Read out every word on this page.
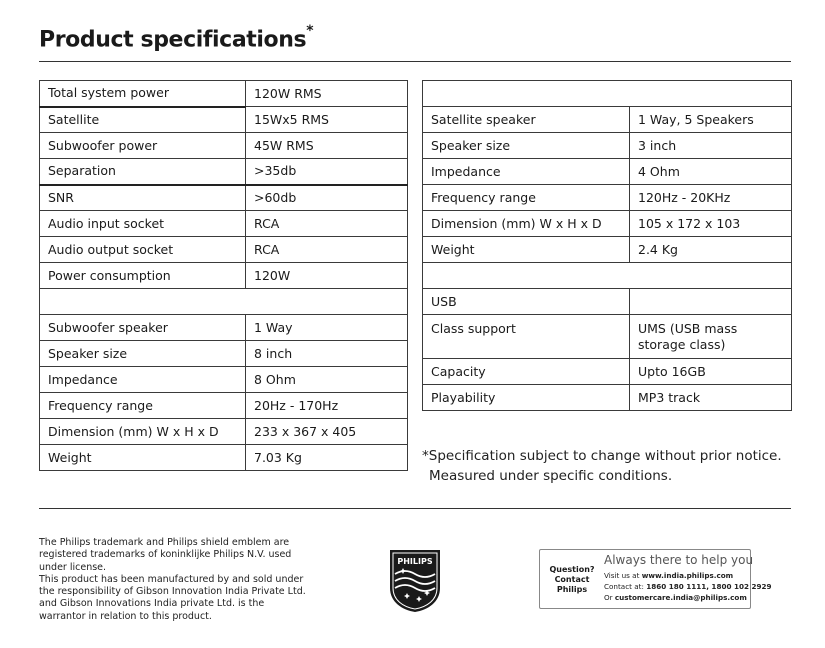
Product specifications*
Total system power	120W RMS
Satellite	15Wx5 RMS
Subwoofer power	45W RMS
Separation	>35db
SNR	>60db
Audio input socket	RCA
Audio output socket	RCA
Power consumption	120W

Subwoofer speaker	1 Way
Speaker size	8 inch
Impedance	8 Ohm
Frequency range	20Hz - 170Hz
Dimension (mm) W x H x D	233 x 367 x 405
Weight	7.03 Kg

Satellite speaker	1 Way, 5 Speakers
Speaker size	3 inch
Impedance	4 Ohm
Frequency range	120Hz - 20KHz
Dimension (mm) W x H x D	105 x 172 x 103
Weight	2.4 Kg

USB	
Class support	UMS (USB mass storage class)
Capacity	Upto 16GB
Playability	MP3 track
*Specification subject to change without prior notice.
Measured under specific conditions.

The Philips trademark and Philips shield emblem are registered trademarks of koninklijke Philips N.V. used under license.

This product has been manufactured by and sold under the responsibility of Gibson Innovation India Private Ltd. and Gibson Innovations India private Ltd. is the warrantor in relation to this product.

PHILIPS
Question?
Contact
Philips
Always there to help you
Visit us at www.india.philips.com
Contact at: 1860 180 1111, 1800 102 2929
Or customercare.india@philips.com
